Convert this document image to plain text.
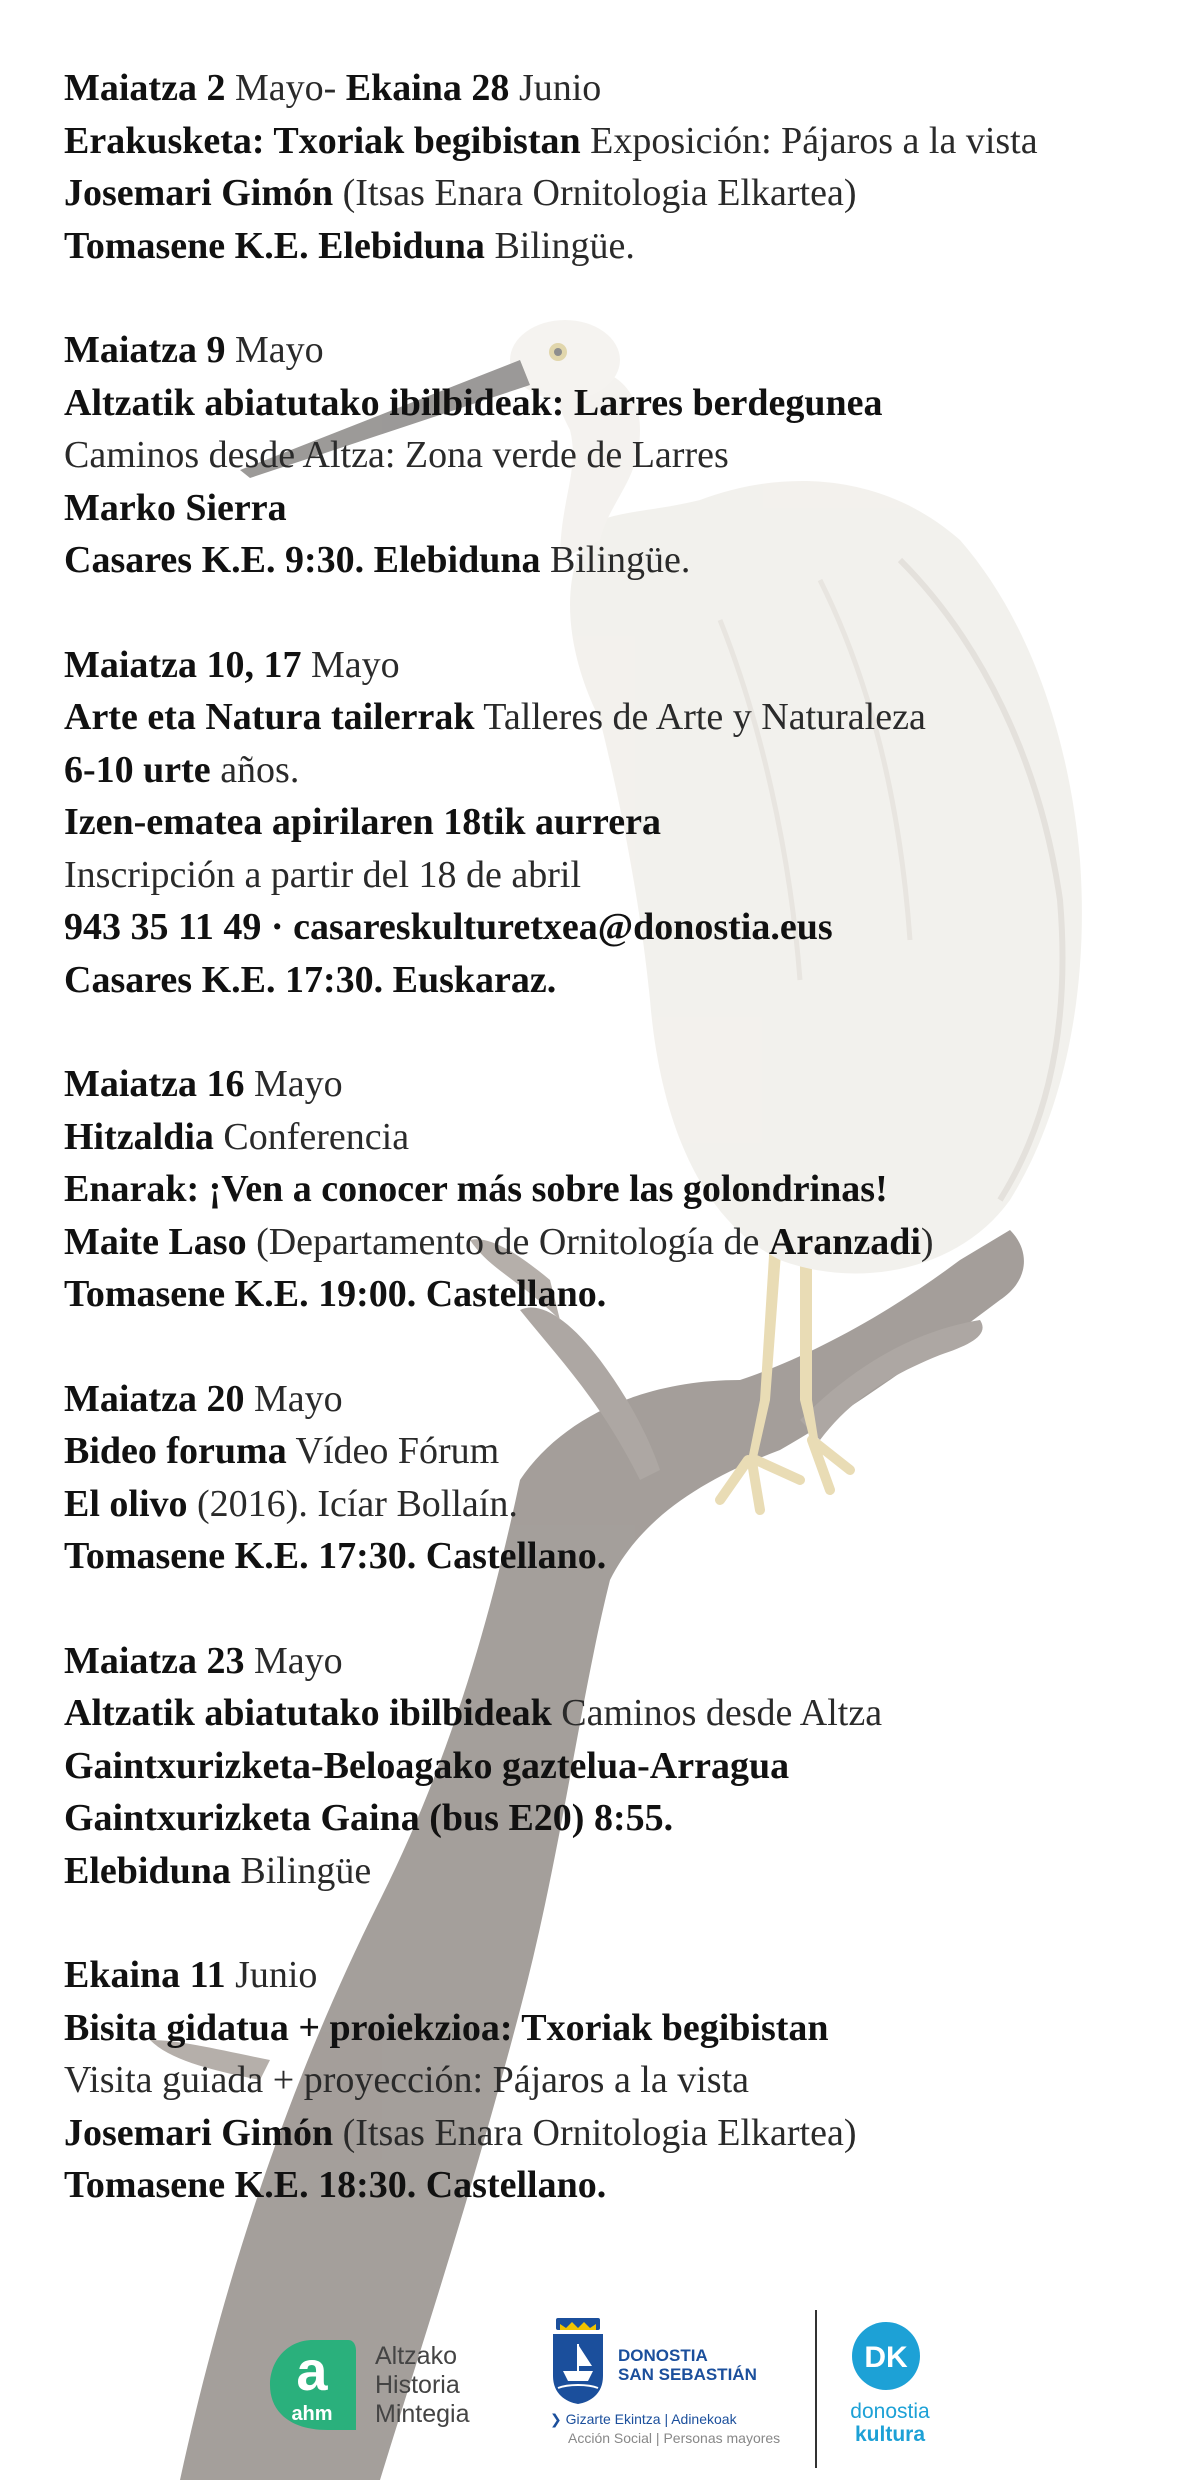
Maiatza 2 Mayo- Ekaina 28 Junio
Erakusketa: Txoriak begibistan Exposición: Pájaros a la vista
Josemari Gimón (Itsas Enara Ornitologia Elkartea)
Tomasene K.E. Elebiduna Bilingüe.
Maiatza 9 Mayo
Altzatik abiatutako ibilbideak: Larres berdegunea
Caminos desde Altza: Zona verde de Larres
Marko Sierra
Casares K.E. 9:30. Elebiduna Bilingüe.
Maiatza 10, 17 Mayo
Arte eta Natura tailerrak Talleres de Arte y Naturaleza
6-10 urte años.
Izen-ematea apirilaren 18tik aurrera
Inscripción a partir del 18 de abril
943 35 11 49 · casareskulturetxea@donostia.eus
Casares K.E. 17:30. Euskaraz.
Maiatza 16 Mayo
Hitzaldia Conferencia
Enarak: ¡Ven a conocer más sobre las golondrinas!
Maite Laso (Departamento de Ornitología de Aranzadi)
Tomasene K.E. 19:00. Castellano.
Maiatza 20 Mayo
Bideo foruma Vídeo Fórum
El olivo (2016). Icíar Bollaín.
Tomasene K.E. 17:30. Castellano.
Maiatza 23 Mayo
Altzatik abiatutako ibilbideak Caminos desde Altza
Gaintxurizketa-Beloagako gaztelua-Arragua
Gaintxurizketa Gaina (bus E20) 8:55.
Elebiduna Bilingüe
Ekaina 11 Junio
Bisita gidatua + proiekzioa: Txoriak begibistan
Visita guiada + proyección: Pájaros a la vista
Josemari Gimón (Itsas Enara Ornitologia Elkartea)
Tomasene K.E. 18:30. Castellano.
a
ahm
Altzako
Historia
Mintegia
DONOSTIA
SAN SEBASTIÁN
❯ Gizarte Ekintza | Adinekoak
Acción Social | Personas mayores
DK
donostia
kultura
